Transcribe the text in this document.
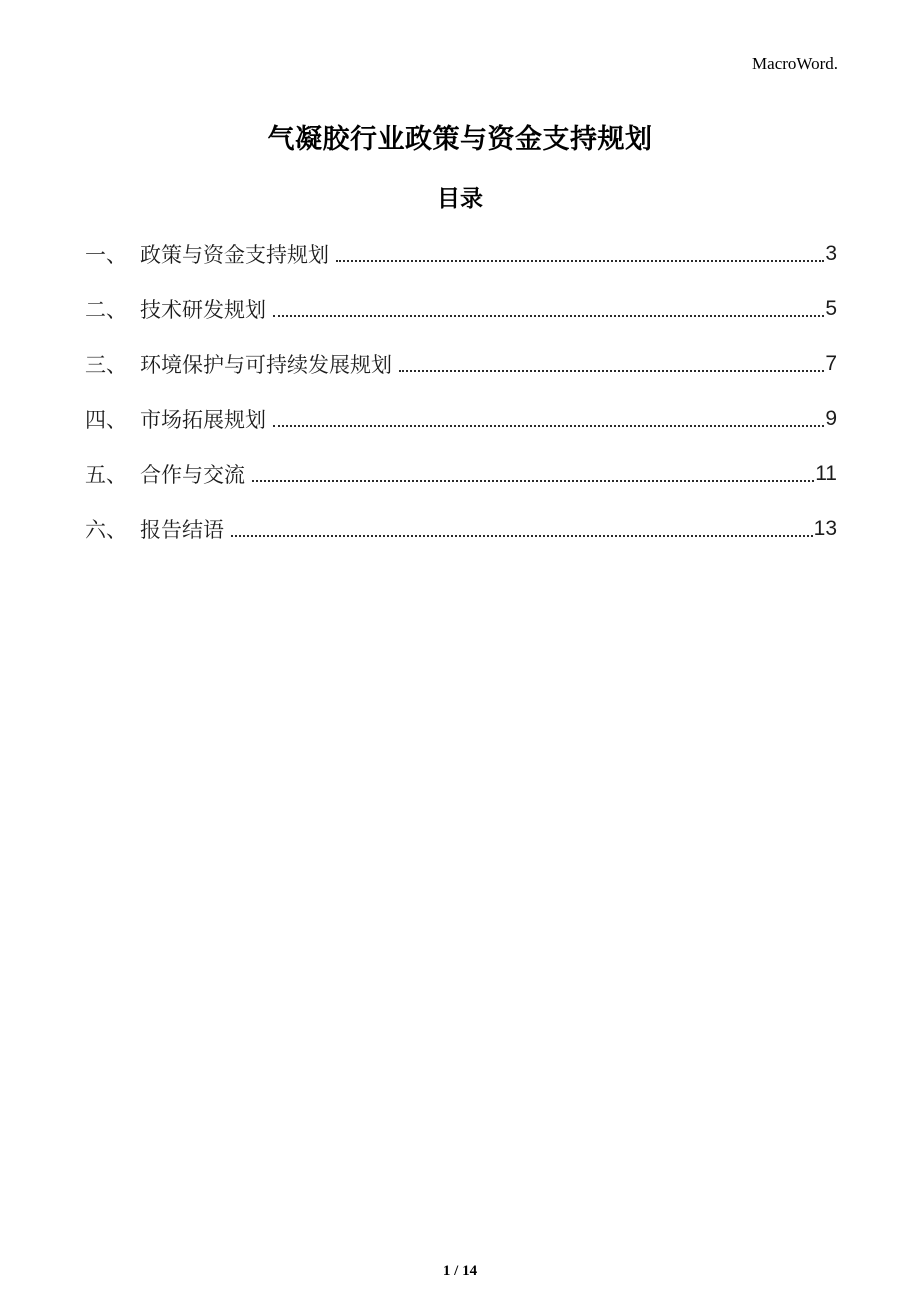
MacroWord.
气凝胶行业政策与资金支持规划
目录
一、 政策与资金支持规划	3
二、 技术研发规划	5
三、 环境保护与可持续发展规划	7
四、 市场拓展规划	9
五、 合作与交流	11
六、 报告结语	13
1 / 14
